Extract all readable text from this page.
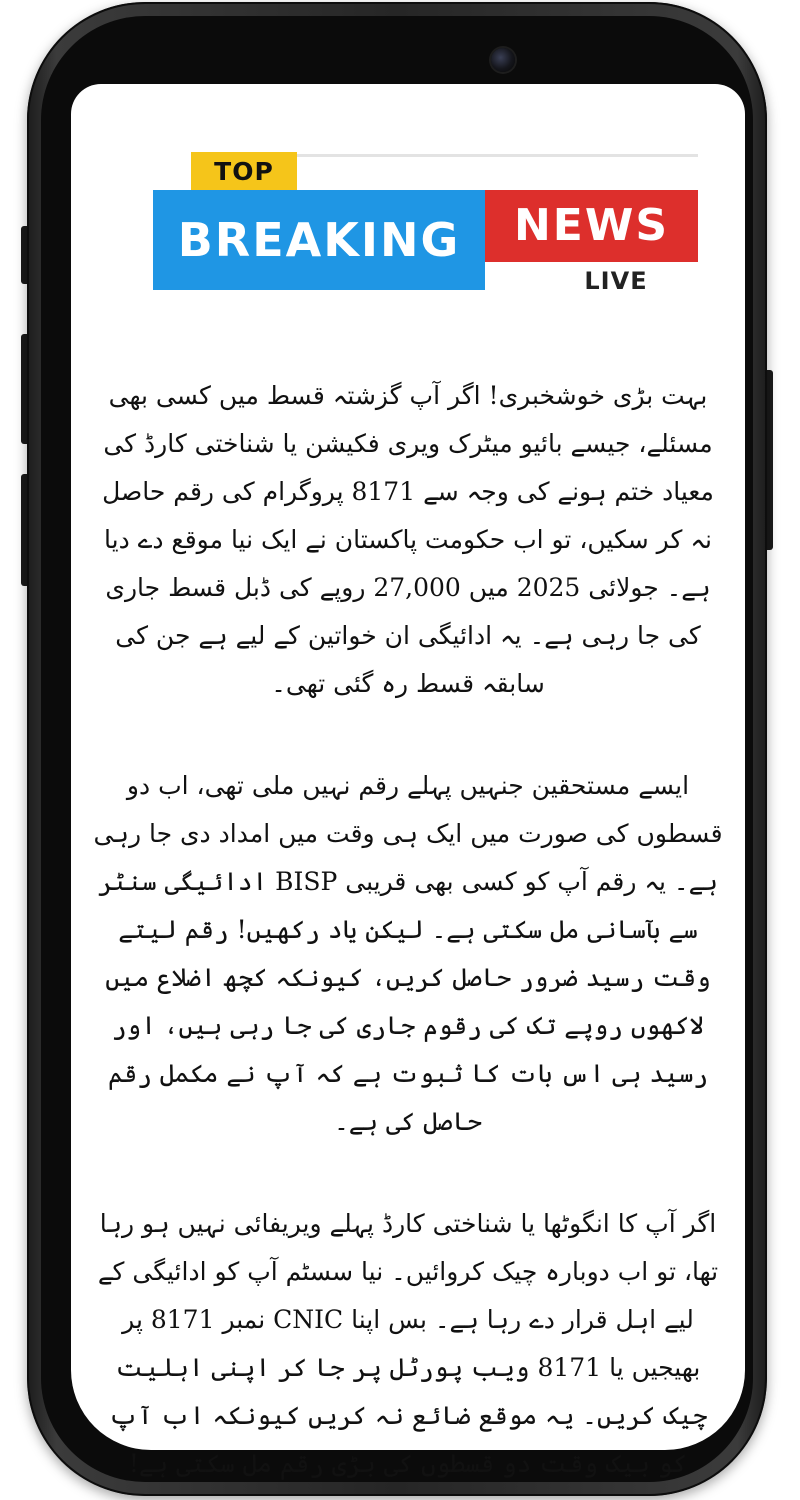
TOP
BREAKING	NEWS
LIVE

بہت بڑی خوشخبری! اگر آپ گزشتہ قسط میں کسی بھی مسئلے، جیسے بائیو میٹرک ویری فکیشن یا شناختی کارڈ کی معیاد ختم ہونے کی وجہ سے 8171 پروگرام کی رقم حاصل نہ کر سکیں، تو اب حکومت پاکستان نے ایک نیا موقع دے دیا ہے۔ جولائی 2025 میں 27,000 روپے کی ڈبل قسط جاری کی جا رہی ہے۔ یہ ادائیگی ان خواتین کے لیے ہے جن کی سابقہ قسط رہ گئی تھی۔

ایسے مستحقین جنہیں پہلے رقم نہیں ملی تھی، اب دو قسطوں کی صورت میں ایک ہی وقت میں امداد دی جا رہی ہے۔ یہ رقم آپ کو کسی بھی قریبی BISP ادائیگی سنٹر سے بآسانی مل سکتی ہے۔ لیکن یاد رکھیں! رقم لیتے وقت رسید ضرور حاصل کریں، کیونکہ کچھ اضلاع میں لاکھوں روپے تک کی رقوم جاری کی جا رہی ہیں، اور رسید ہی اس بات کا ثبوت ہے کہ آپ نے مکمل رقم حاصل کی ہے۔

اگر آپ کا انگوٹھا یا شناختی کارڈ پہلے ویریفائی نہیں ہو رہا تھا، تو اب دوبارہ چیک کروائیں۔ نیا سسٹم آپ کو ادائیگی کے لیے اہل قرار دے رہا ہے۔ بس اپنا CNIC نمبر 8171 پر بھیجیں یا 8171 ویب پورٹل پر جا کر اپنی اہلیت چیک کریں۔ یہ موقع ضائع نہ کریں کیونکہ اب آپ کو بیک وقت دو قسطوں کی بڑی رقم مل سکتی ہے!
